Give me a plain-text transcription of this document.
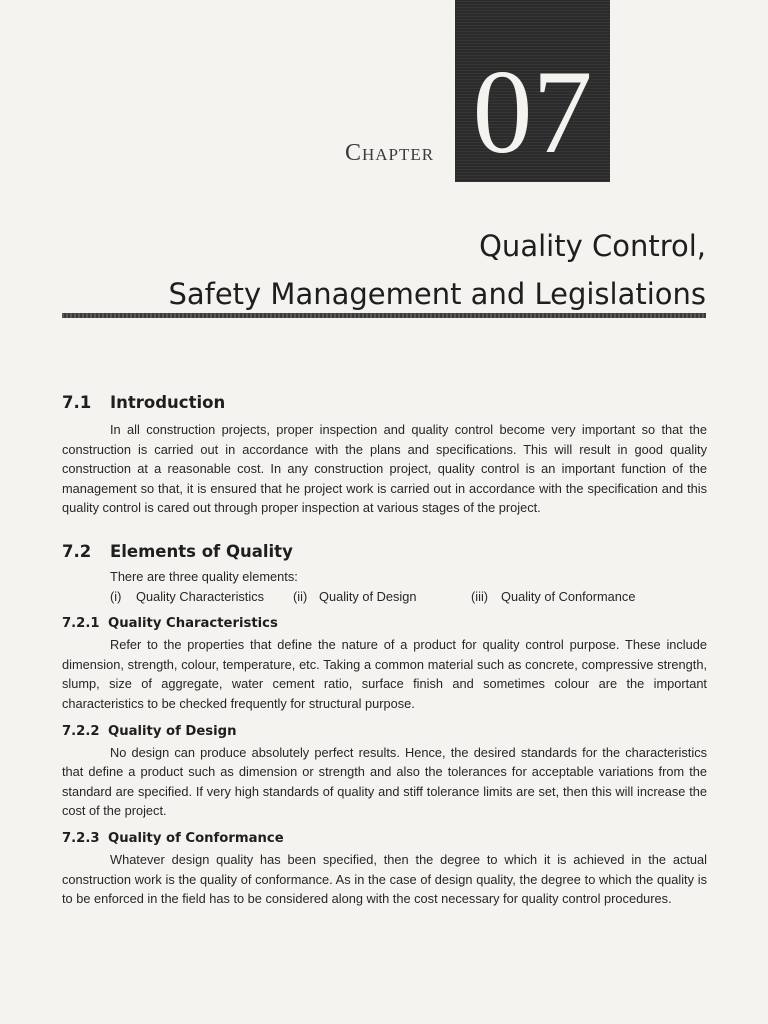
Chapter 07
Quality Control,
Safety Management and Legislations
7.1 Introduction

In all construction projects, proper inspection and quality control become very important so that the construction is carried out in accordance with the plans and specifications. This will result in good quality construction at a reasonable cost. In any construction project, quality control is an important function of the management so that, it is ensured that he project work is carried out in accordance with the specification and this quality control is cared out through proper inspection at various stages of the project.

7.2 Elements of Quality

There are three quality elements:

(i) Quality Characteristics	(ii) Quality of Design	(iii) Quality of Conformance
7.2.1 Quality Characteristics

Refer to the properties that define the nature of a product for quality control purpose. These include dimension, strength, colour, temperature, etc. Taking a common material such as concrete, compressive strength, slump, size of aggregate, water cement ratio, surface finish and sometimes colour are the important characteristics to be checked frequently for structural purpose.

7.2.2 Quality of Design

No design can produce absolutely perfect results. Hence, the desired standards for the characteristics that define a product such as dimension or strength and also the tolerances for acceptable variations from the standard are specified. If very high standards of quality and stiff tolerance limits are set, then this will increase the cost of the project.

7.2.3 Quality of Conformance

Whatever design quality has been specified, then the degree to which it is achieved in the actual construction work is the quality of conformance. As in the case of design quality, the degree to which the quality is to be enforced in the field has to be considered along with the cost necessary for quality control procedures.
